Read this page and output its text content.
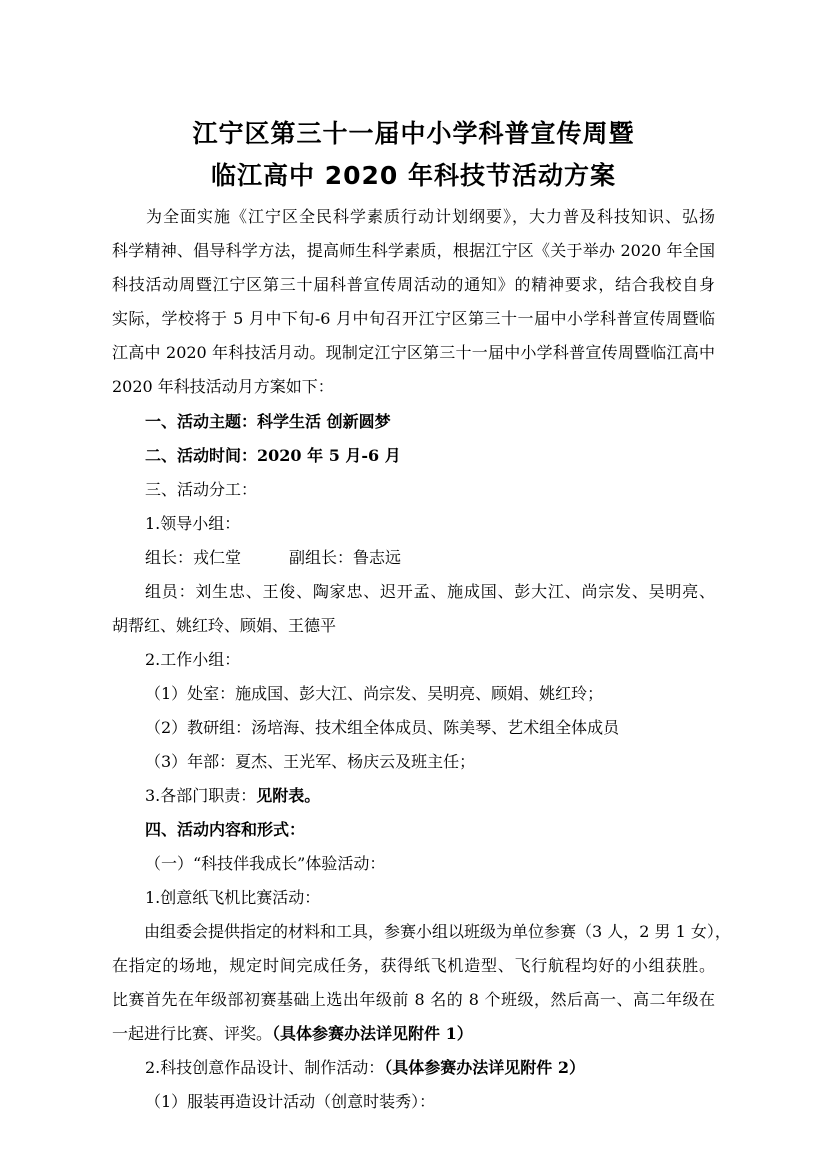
江宁区第三十一届中小学科普宣传周暨
临江高中 2020 年科技节活动方案
　　为全面实施《江宁区全民科学素质行动计划纲要》，大力普及科技知识、弘扬
科学精神、倡导科学方法，提高师生科学素质，根据江宁区《关于举办 2020 年全国
科技活动周暨江宁区第三十届科普宣传周活动的通知》的精神要求，结合我校自身
实际，学校将于 5 月中下旬-6 月中旬召开江宁区第三十一届中小学科普宣传周暨临
江高中 2020 年科技活月动。现制定江宁区第三十一届中小学科普宣传周暨临江高中
2020 年科技活动月方案如下：
一、活动主题：科学生活 创新圆梦
二、活动时间：2020 年 5 月-6 月
三、活动分工：
1.领导小组：
组长：戎仁堂　　　副组长：鲁志远
组员：刘生忠、王俊、陶家忠、迟开孟、施成国、彭大江、尚宗发、吴明亮、
胡帮红、姚红玲、顾娟、王德平
2.工作小组：
（1）处室：施成国、彭大江、尚宗发、吴明亮、顾娟、姚红玲；
（2）教研组：汤培海、技术组全体成员、陈美琴、艺术组全体成员
（3）年部：夏杰、王光军、杨庆云及班主任；
3.各部门职责：见附表。
四、活动内容和形式：
（一）“科技伴我成长”体验活动：
1.创意纸飞机比赛活动：
　　由组委会提供指定的材料和工具，参赛小组以班级为单位参赛（3 人，2 男 1 女），
在指定的场地，规定时间完成任务，获得纸飞机造型、飞行航程均好的小组获胜。
比赛首先在年级部初赛基础上选出年级前 8 名的 8 个班级，然后高一、高二年级在
一起进行比赛、评奖。（具体参赛办法详见附件 1）
2.科技创意作品设计、制作活动：（具体参赛办法详见附件 2）
（1）服装再造设计活动（创意时装秀）：
